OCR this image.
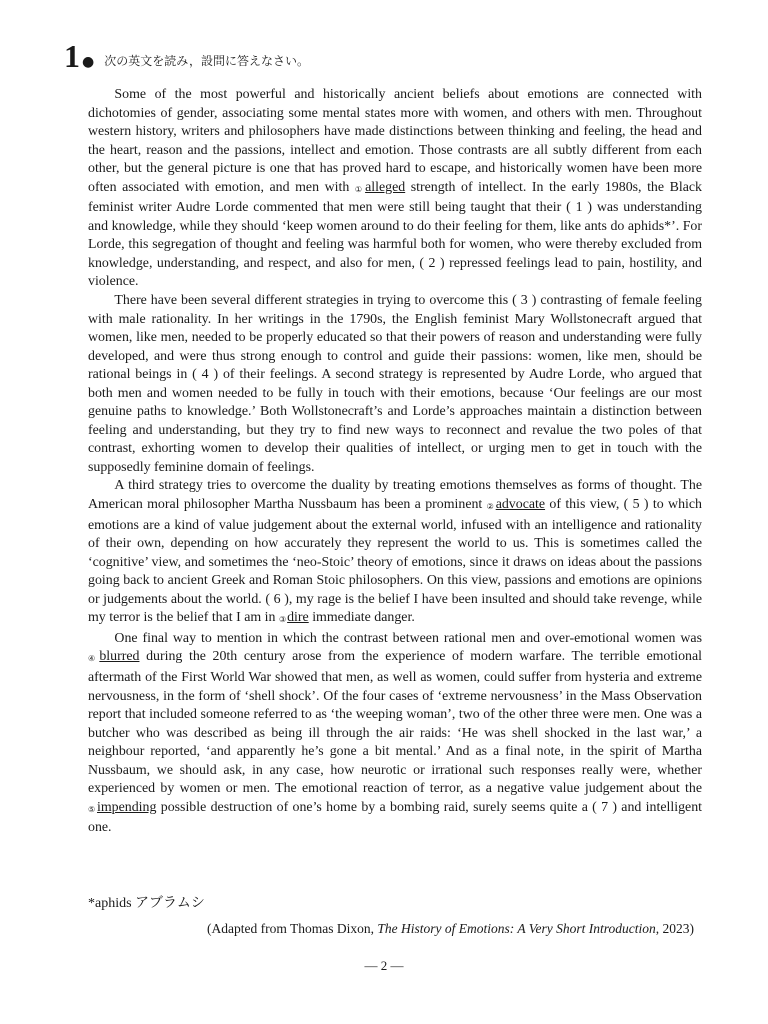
1 ● 次の英文を読み，設問に答えなさい。

Some of the most powerful and historically ancient beliefs about emotions are connected with dichotomies of gender, associating some mental states more with women, and others with men. Throughout western history, writers and philosophers have made distinctions between thinking and feeling, the head and the heart, reason and the passions, intellect and emotion. Those contrasts are all subtly different from each other, but the general picture is one that has proved hard to escape, and historically women have been more often associated with emotion, and men with ①alleged strength of intellect. In the early 1980s, the Black feminist writer Audre Lorde commented that men were still being taught that their ( 1 ) was understanding and knowledge, while they should ‘keep women around to do their feeling for them, like ants do aphids*’. For Lorde, this segregation of thought and feeling was harmful both for women, who were thereby excluded from knowledge, understanding, and respect, and also for men, ( 2 ) repressed feelings lead to pain, hostility, and violence.

There have been several different strategies in trying to overcome this ( 3 ) contrasting of female feeling with male rationality. In her writings in the 1790s, the English feminist Mary Wollstonecraft argued that women, like men, needed to be properly educated so that their powers of reason and understanding were fully developed, and were thus strong enough to control and guide their passions: women, like men, should be rational beings in ( 4 ) of their feelings. A second strategy is represented by Audre Lorde, who argued that both men and women needed to be fully in touch with their emotions, because ‘Our feelings are our most genuine paths to knowledge.’ Both Wollstonecraft’s and Lorde’s approaches maintain a distinction between feeling and understanding, but they try to find new ways to reconnect and revalue the two poles of that contrast, exhorting women to develop their qualities of intellect, or urging men to get in touch with the supposedly feminine domain of feelings.

A third strategy tries to overcome the duality by treating emotions themselves as forms of thought. The American moral philosopher Martha Nussbaum has been a prominent ②advocate of this view, ( 5 ) to which emotions are a kind of value judgement about the external world, infused with an intelligence and rationality of their own, depending on how accurately they represent the world to us. This is sometimes called the ‘cognitive’ view, and sometimes the ‘neo-Stoic’ theory of emotions, since it draws on ideas about the passions going back to ancient Greek and Roman Stoic philosophers. On this view, passions and emotions are opinions or judgements about the world. ( 6 ), my rage is the belief I have been insulted and should take revenge, while my terror is the belief that I am in ③dire immediate danger.

One final way to mention in which the contrast between rational men and over-emotional women was ④blurred during the 20th century arose from the experience of modern warfare. The terrible emotional aftermath of the First World War showed that men, as well as women, could suffer from hysteria and extreme nervousness, in the form of ‘shell shock’. Of the four cases of ‘extreme nervousness’ in the Mass Observation report that included someone referred to as ‘the weeping woman’, two of the other three were men. One was a butcher who was described as being ill through the air raids: ‘He was shell shocked in the last war,’ a neighbour reported, ‘and apparently he’s gone a bit mental.’ And as a final note, in the spirit of Martha Nussbaum, we should ask, in any case, how neurotic or irrational such responses really were, whether experienced by women or men. The emotional reaction of terror, as a negative value judgement about the ⑤impending possible destruction of one’s home by a bombing raid, surely seems quite a ( 7 ) and intelligent one.

*aphids アブラムシ
(Adapted from Thomas Dixon, The History of Emotions: A Very Short Introduction, 2023)
— 2 —
